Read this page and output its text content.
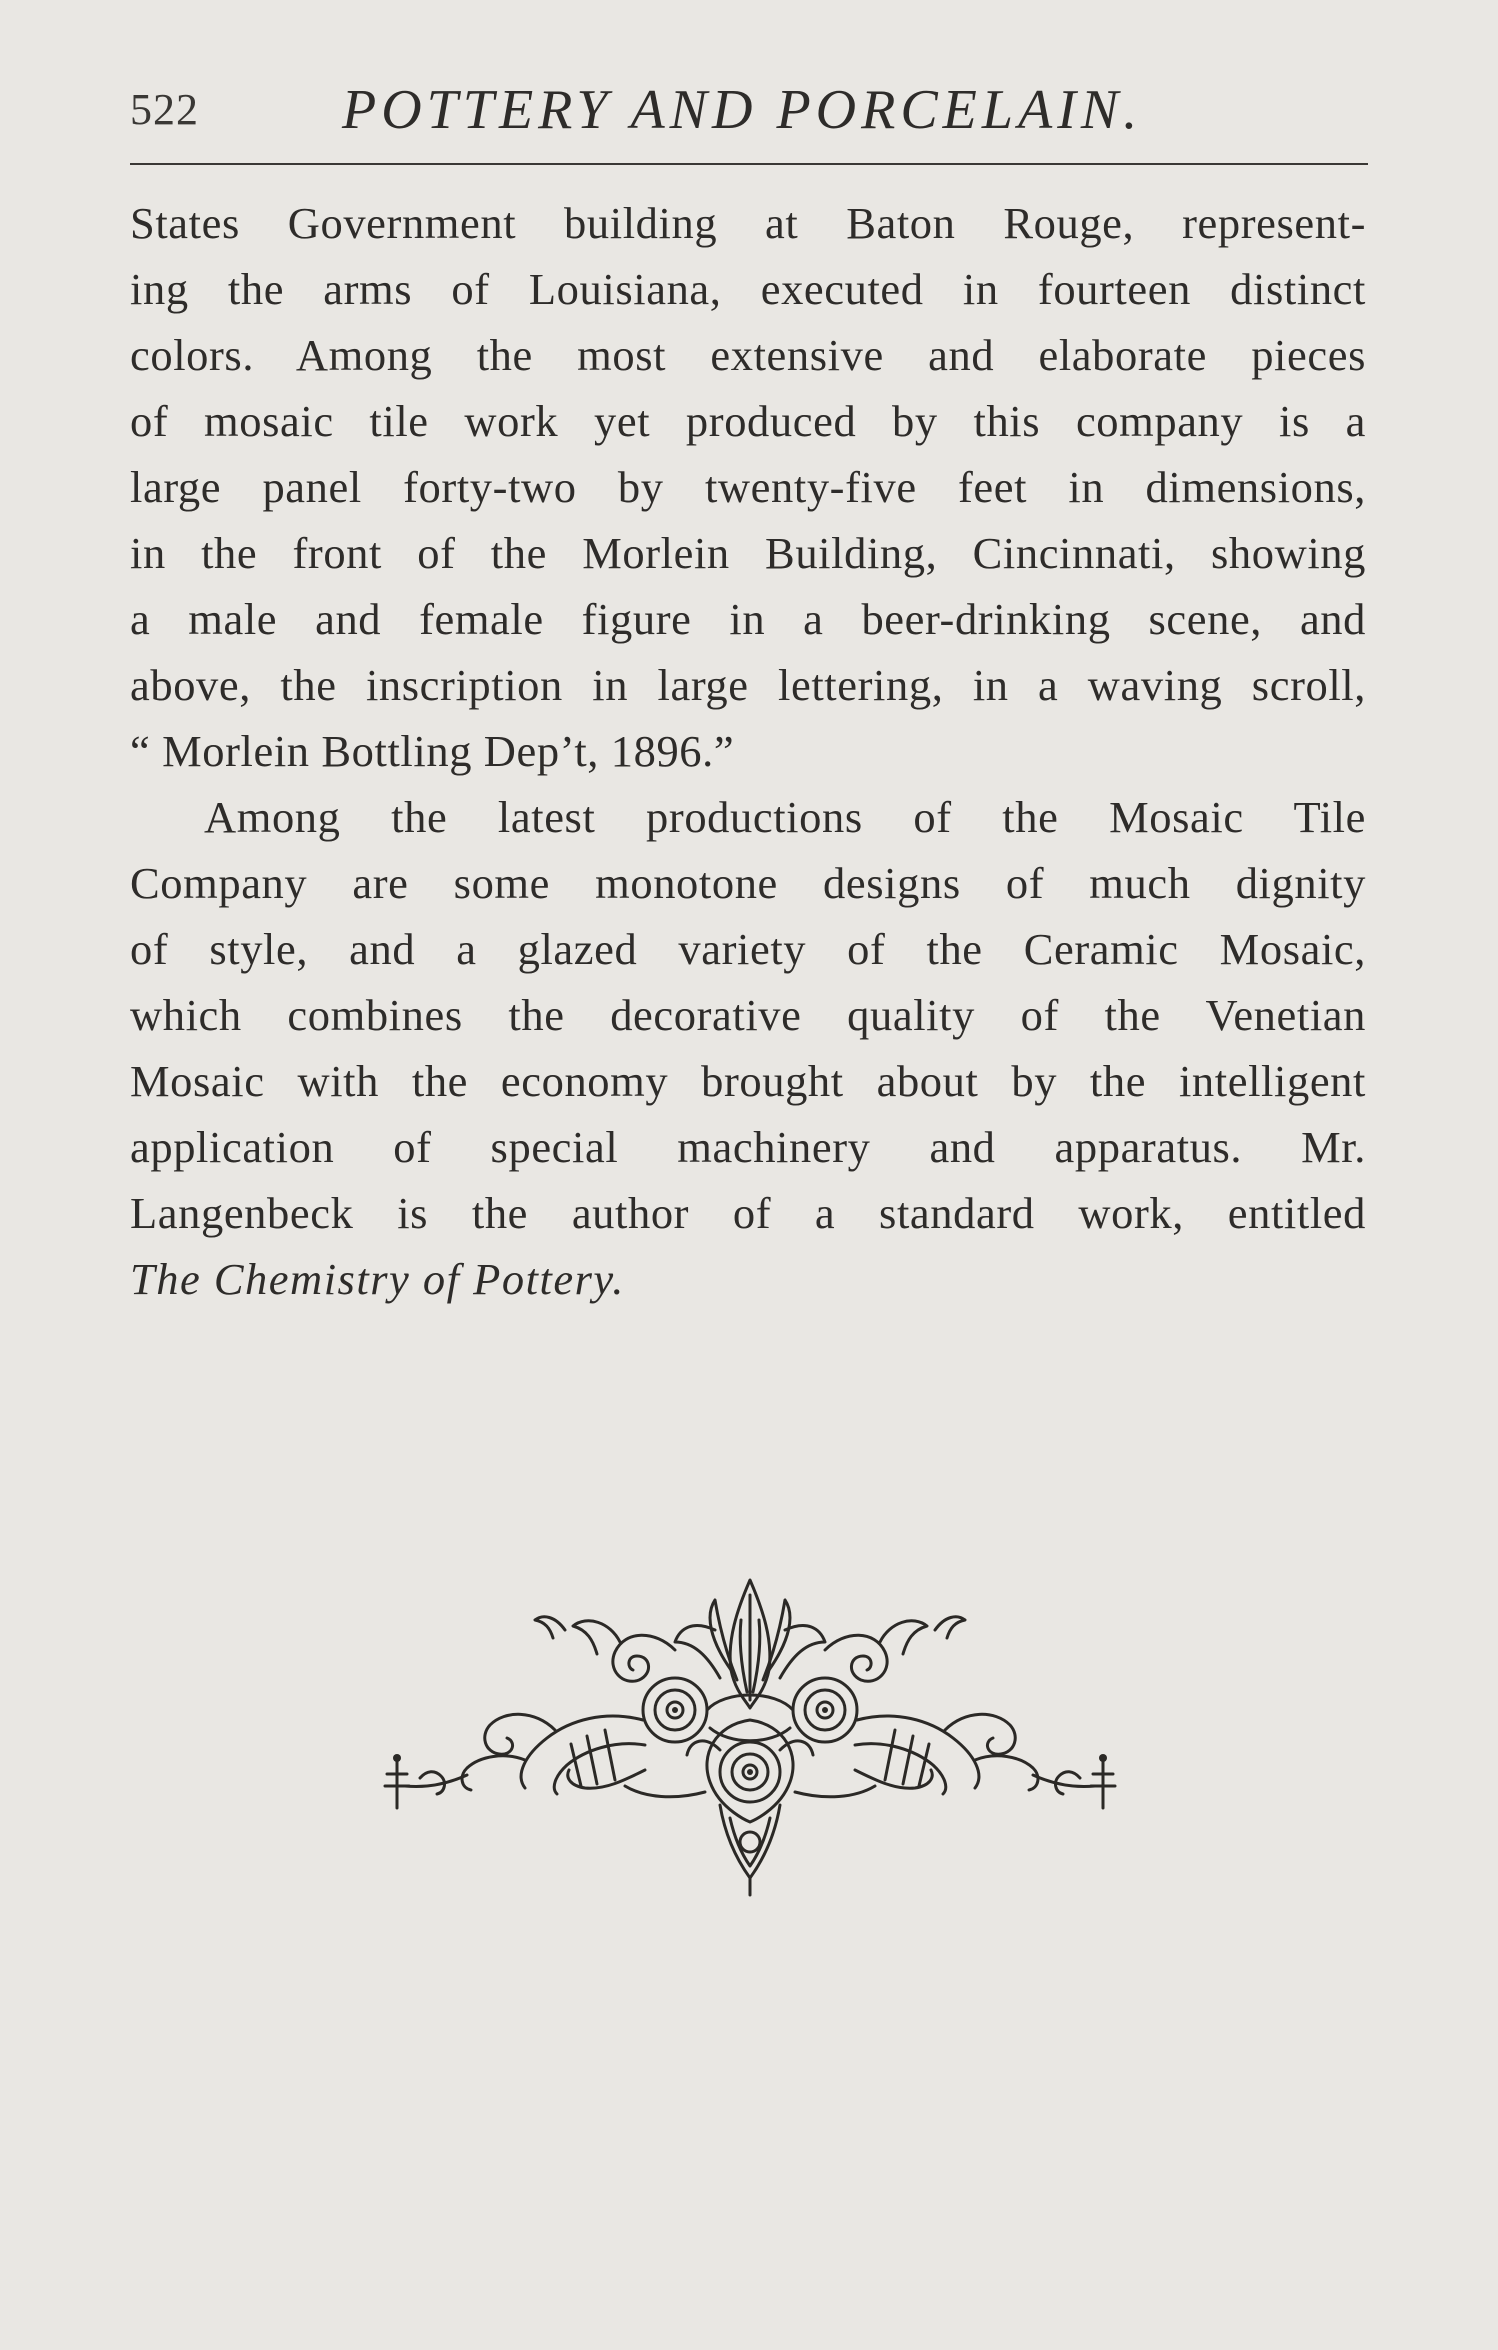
522	POTTERY AND PORCELAIN.
States Government building at Baton Rouge, represent-
ing the arms of Louisiana, executed in fourteen distinct
colors. Among the most extensive and elaborate pieces
of mosaic tile work yet produced by this company is a
large panel forty-two by twenty-five feet in dimensions,
in the front of the Morlein Building, Cincinnati, showing
a male and female figure in a beer-drinking scene, and
above, the inscription in large lettering, in a waving scroll,
“ Morlein Bottling Dep’t, 1896.”
Among the latest productions of the Mosaic Tile
Company are some monotone designs of much dignity
of style, and a glazed variety of the Ceramic Mosaic,
which combines the decorative quality of the Venetian
Mosaic with the economy brought about by the intelligent
application of special machinery and apparatus. Mr.
Langenbeck is the author of a standard work, entitled
The Chemistry of Pottery.
